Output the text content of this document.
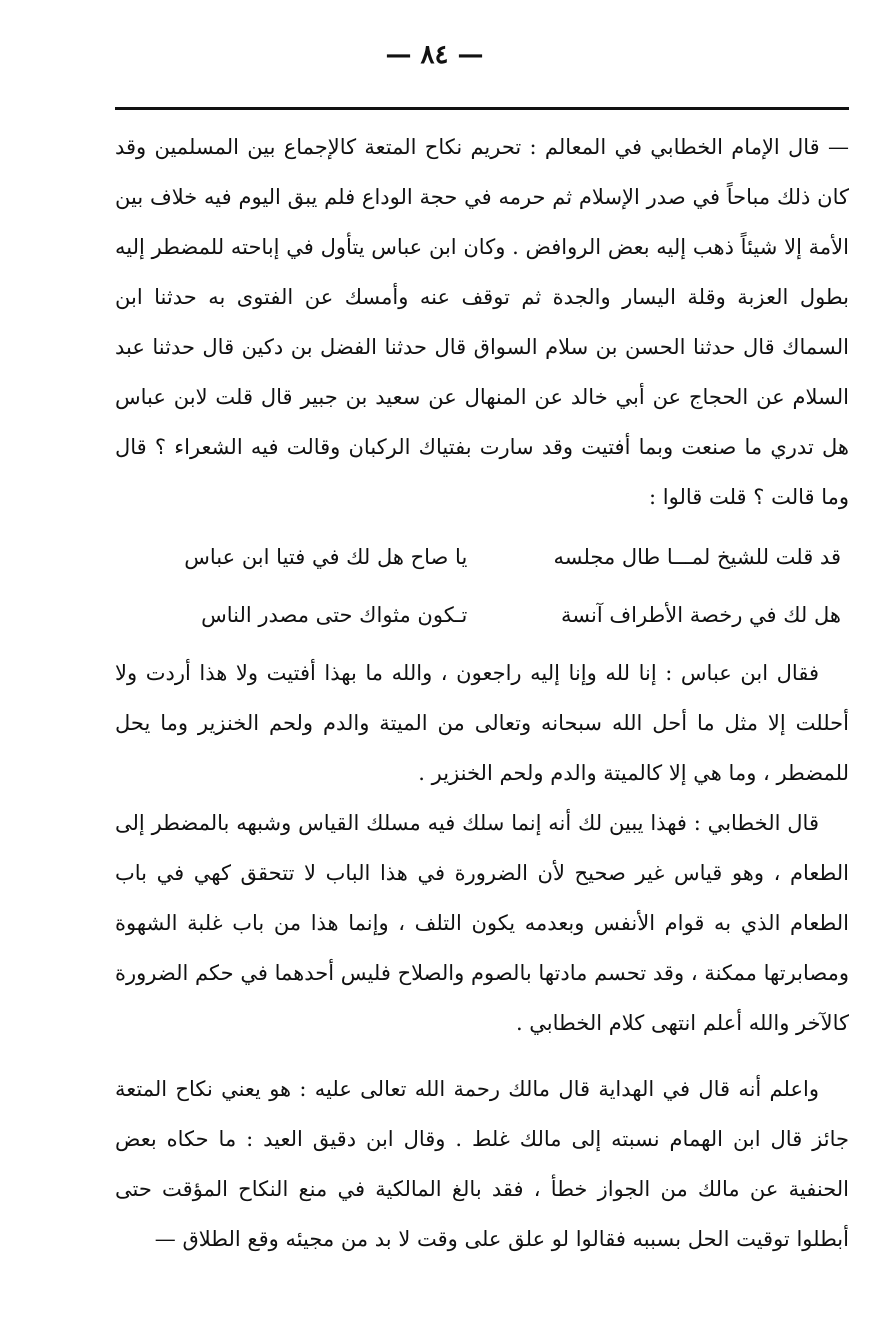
— ٨٤ —

— قال الإمام الخطابي في المعالم : تحريم نكاح المتعة كالإجماع بين المسلمين وقد كان ذلك مباحاً في صدر الإسلام ثم حرمه في حجة الوداع فلم يبق اليوم فيه خلاف بين الأمة إلا شيئاً ذهب إليه بعض الروافض . وكان ابن عباس يتأول في إباحته للمضطر إليه بطول العزبة وقلة اليسار والجدة ثم توقف عنه وأمسك عن الفتوى به حدثنا ابن السماك قال حدثنا الحسن بن سلام السواق قال حدثنا الفضل بن دكين قال حدثنا عبد السلام عن الحجاج عن أبي خالد عن المنهال عن سعيد بن جبير قال قلت لابن عباس هل تدري ما صنعت وبما أفتيت وقد سارت بفتياك الركبان وقالت فيه الشعراء ؟ قال وما قالت ؟ قلت قالوا :

قد قلت للشيخ لمـــا طال مجلسه
يا صاح هل لك في فتيا ابن عباس
هل لك في رخصة الأطراف آنسة
تـكون مثواك حتى مصدر الناس

فقال ابن عباس : إنا لله وإنا إليه راجعون ، والله ما بهذا أفتيت ولا هذا أردت ولا أحللت إلا مثل ما أحل الله سبحانه وتعالى من الميتة والدم ولحم الخنزير وما يحل للمضطر ، وما هي إلا كالميتة والدم ولحم الخنزير .

قال الخطابي : فهذا يبين لك أنه إنما سلك فيه مسلك القياس وشبهه بالمضطر إلى الطعام ، وهو قياس غير صحيح لأن الضرورة في هذا الباب لا تتحقق كهي في باب الطعام الذي به قوام الأنفس وبعدمه يكون التلف ، وإنما هذا من باب غلبة الشهوة ومصابرتها ممكنة ، وقد تحسم مادتها بالصوم والصلاح فليس أحدهما في حكم الضرورة كالآخر والله أعلم انتهى كلام الخطابي .

واعلم أنه قال في الهداية قال مالك رحمة الله تعالى عليه : هو يعني نكاح المتعة جائز قال ابن الهمام نسبته إلى مالك غلط . وقال ابن دقيق العيد : ما حكاه بعض الحنفية عن مالك من الجواز خطأ ، فقد بالغ المالكية في منع النكاح المؤقت حتى أبطلوا توقيت الحل بسببه فقالوا لو علق على وقت لا بد من مجيئه وقع الطلاق —
